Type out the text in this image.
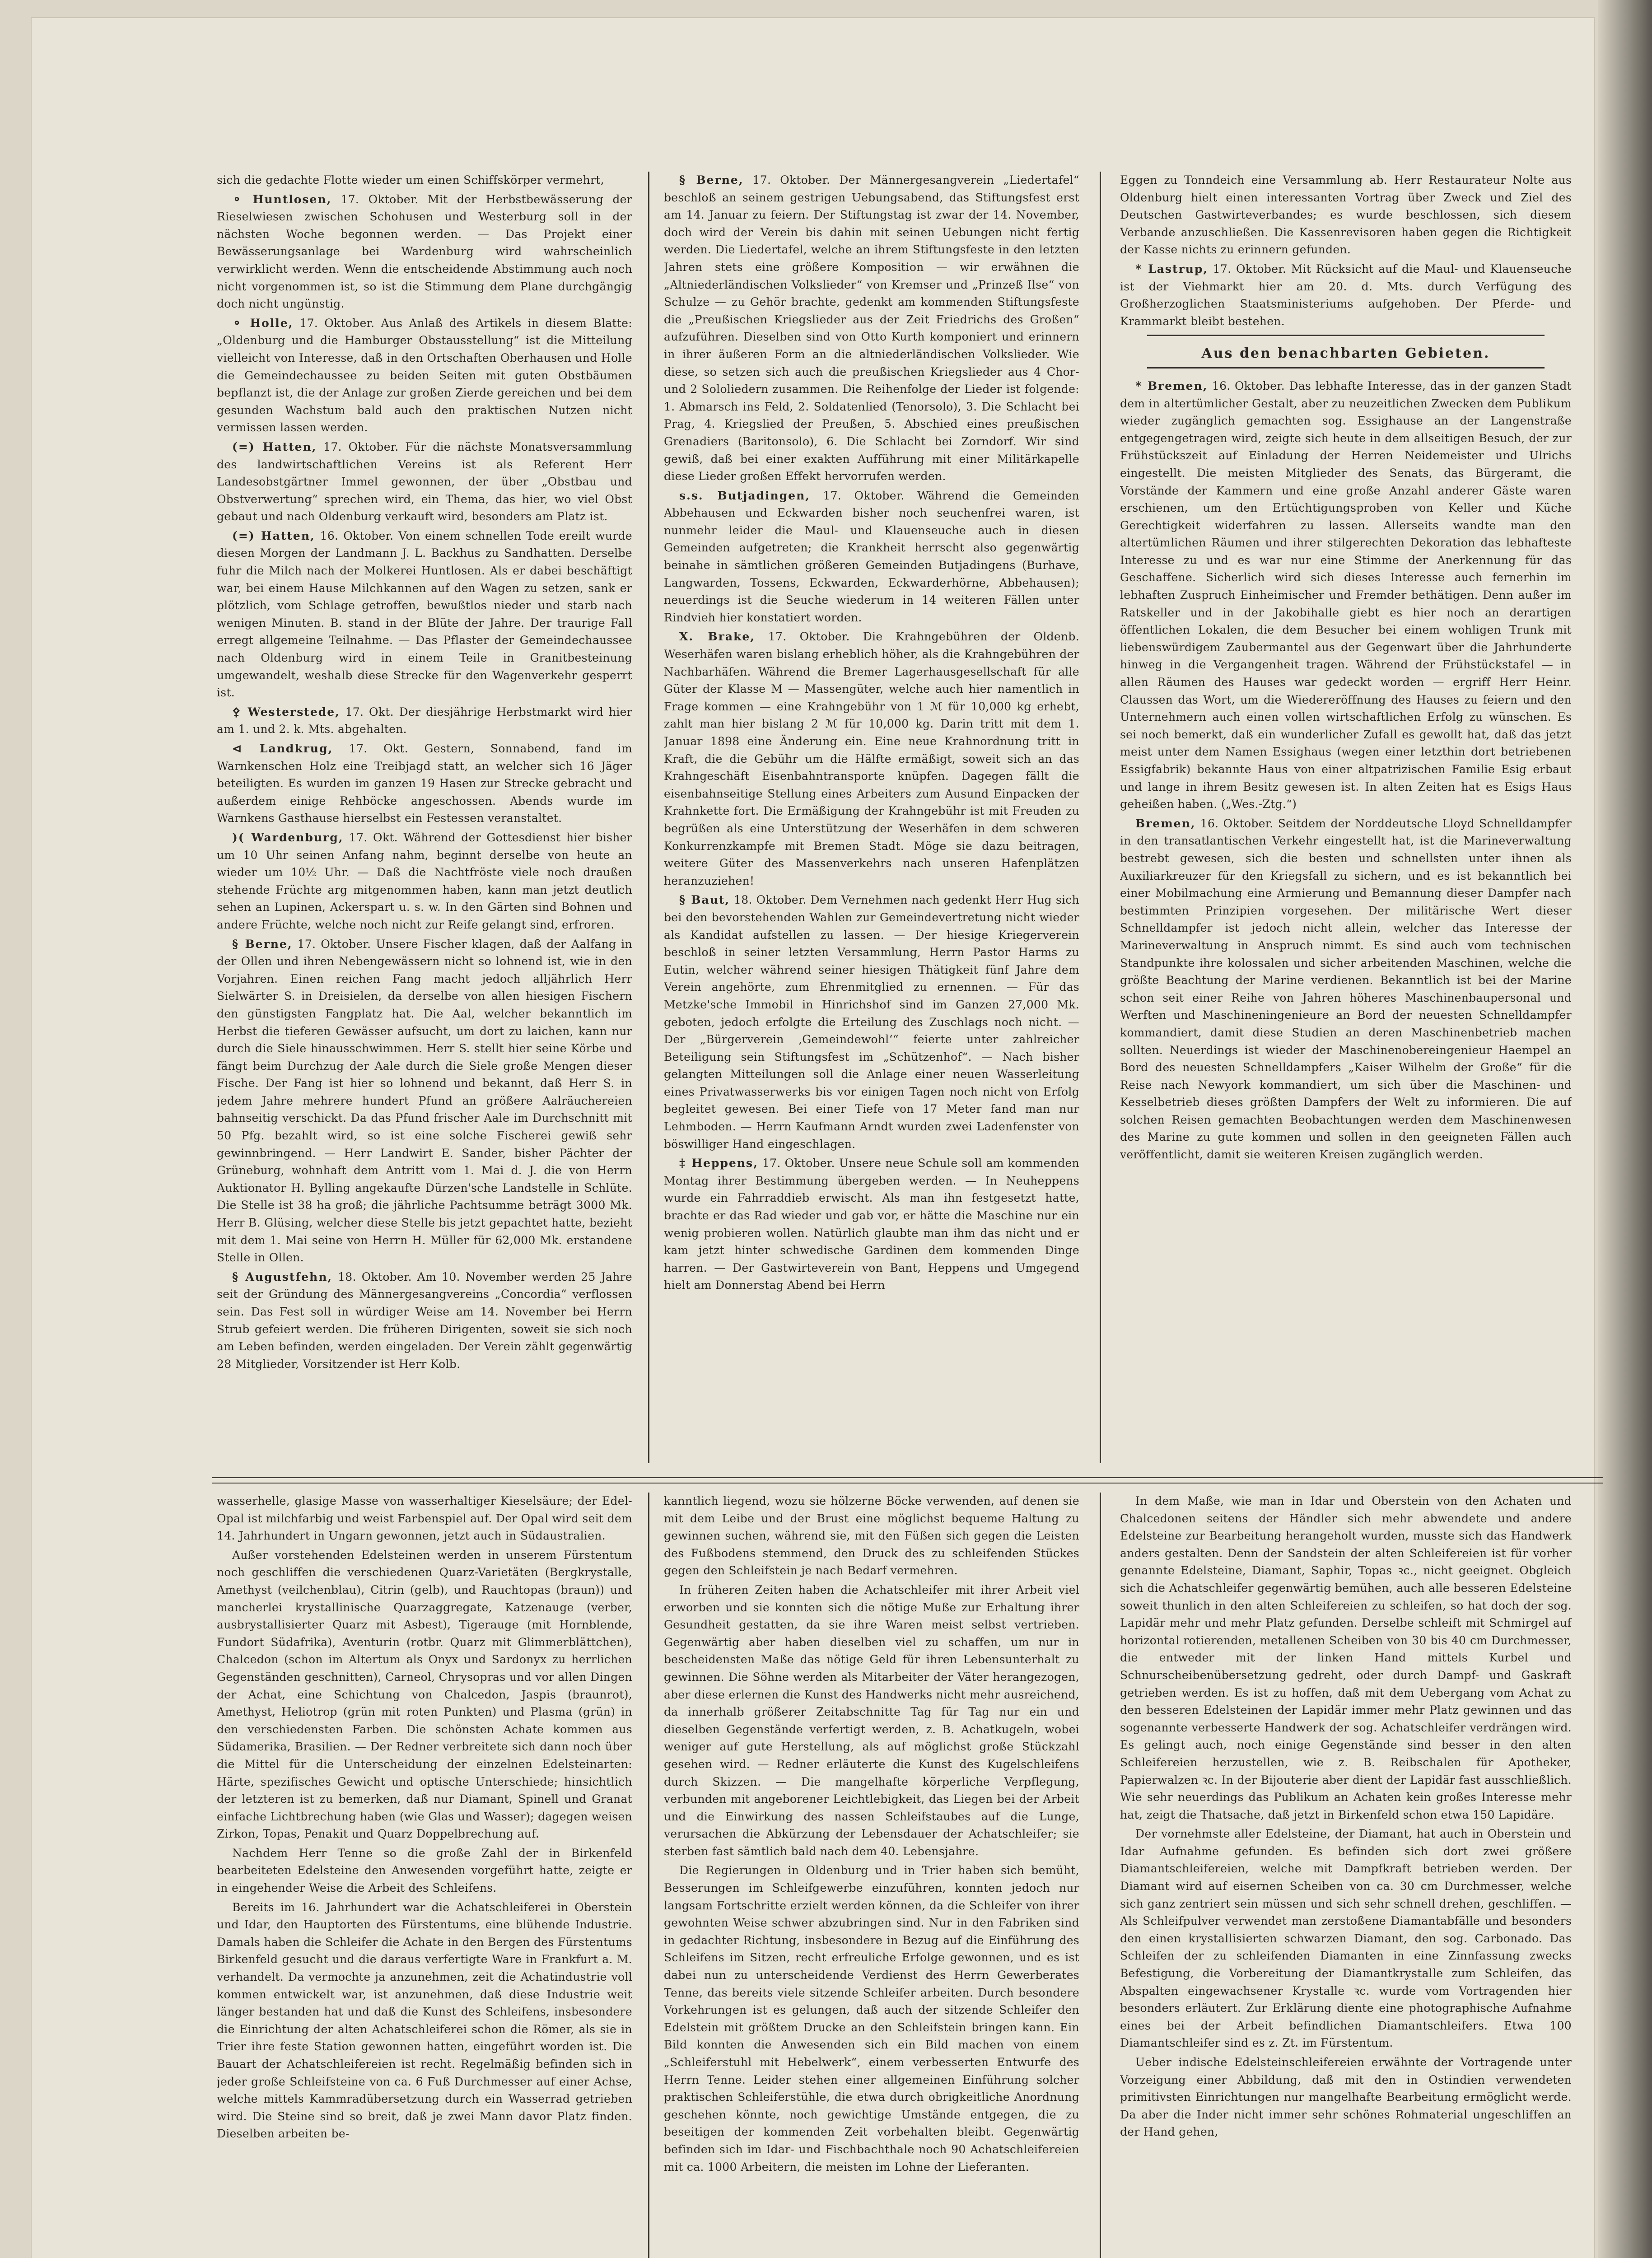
sich die gedachte Flotte wieder um einen Schiffskörper vermehrt,

⚬ Huntlosen, 17. Oktober. Mit der Herbstbewässerung der Rieselwiesen zwischen Schohusen und Westerburg soll in der nächsten Woche begonnen werden. — Das Projekt einer Bewässerungsanlage bei Wardenburg wird wahrscheinlich verwirklicht werden. Wenn die entscheidende Abstimmung auch noch nicht vorgenommen ist, so ist die Stimmung dem Plane durchgängig doch nicht ungünstig.

⚬ Holle, 17. Oktober. Aus Anlaß des Artikels in diesem Blatte: „Oldenburg und die Hamburger Obstausstellung“ ist die Mitteilung vielleicht von Interesse, daß in den Ortschaften Oberhausen und Holle die Gemeindechaussee zu beiden Seiten mit guten Obstbäumen bepflanzt ist, die der Anlage zur großen Zierde gereichen und bei dem gesunden Wachstum bald auch den praktischen Nutzen nicht vermissen lassen werden.

(=) Hatten, 17. Oktober. Für die nächste Monatsversammlung des landwirtschaftlichen Vereins ist als Referent Herr Landesobstgärtner Immel gewonnen, der über „Obstbau und Obstverwertung“ sprechen wird, ein Thema, das hier, wo viel Obst gebaut und nach Oldenburg verkauft wird, besonders am Platz ist.

(=) Hatten, 16. Oktober. Von einem schnellen Tode ereilt wurde diesen Morgen der Landmann J. L. Backhus zu Sandhatten. Derselbe fuhr die Milch nach der Molkerei Huntlosen. Als er dabei beschäftigt war, bei einem Hause Milchkannen auf den Wagen zu setzen, sank er plötzlich, vom Schlage getroffen, bewußtlos nieder und starb nach wenigen Minuten. B. stand in der Blüte der Jahre. Der traurige Fall erregt allgemeine Teilnahme. — Das Pflaster der Gemeindechaussee nach Oldenburg wird in einem Teile in Granitbesteinung umgewandelt, weshalb diese Strecke für den Wagenverkehr gesperrt ist.

⚴ Westerstede, 17. Okt. Der diesjährige Herbstmarkt wird hier am 1. und 2. k. Mts. abgehalten.

⊲ Landkrug, 17. Okt. Gestern, Sonnabend, fand im Warnkenschen Holz eine Treibjagd statt, an welcher sich 16 Jäger beteiligten. Es wurden im ganzen 19 Hasen zur Strecke gebracht und außerdem einige Rehböcke angeschossen. Abends wurde im Warnkens Gasthause hierselbst ein Festessen veranstaltet.

)( Wardenburg, 17. Okt. Während der Gottesdienst hier bisher um 10 Uhr seinen Anfang nahm, beginnt derselbe von heute an wieder um 10½ Uhr. — Daß die Nachtfröste viele noch draußen stehende Früchte arg mitgenommen haben, kann man jetzt deutlich sehen an Lupinen, Ackerspart u. s. w. In den Gärten sind Bohnen und andere Früchte, welche noch nicht zur Reife gelangt sind, erfroren.

§ Berne, 17. Oktober. Unsere Fischer klagen, daß der Aalfang in der Ollen und ihren Nebengewässern nicht so lohnend ist, wie in den Vorjahren. Einen reichen Fang macht jedoch alljährlich Herr Sielwärter S. in Dreisielen, da derselbe von allen hiesigen Fischern den günstigsten Fangplatz hat. Die Aal, welcher bekanntlich im Herbst die tieferen Gewässer aufsucht, um dort zu laichen, kann nur durch die Siele hinausschwimmen. Herr S. stellt hier seine Körbe und fängt beim Durchzug der Aale durch die Siele große Mengen dieser Fische. Der Fang ist hier so lohnend und bekannt, daß Herr S. in jedem Jahre mehrere hundert Pfund an größere Aalräuchereien bahnseitig verschickt. Da das Pfund frischer Aale im Durchschnitt mit 50 Pfg. bezahlt wird, so ist eine solche Fischerei gewiß sehr gewinnbringend. — Herr Landwirt E. Sander, bisher Pächter der Grüneburg, wohnhaft dem Antritt vom 1. Mai d. J. die von Herrn Auktionator H. Bylling angekaufte Dürzen'sche Landstelle in Schlüte. Die Stelle ist 38 ha groß; die jährliche Pachtsumme beträgt 3000 Mk. Herr B. Glüsing, welcher diese Stelle bis jetzt gepachtet hatte, bezieht mit dem 1. Mai seine von Herrn H. Müller für 62,000 Mk. erstandene Stelle in Ollen.

§ Augustfehn, 18. Oktober. Am 10. November werden 25 Jahre seit der Gründung des Männergesangvereins „Concordia“ verflossen sein. Das Fest soll in würdiger Weise am 14. November bei Herrn Strub gefeiert werden. Die früheren Dirigenten, soweit sie sich noch am Leben befinden, werden eingeladen. Der Verein zählt gegenwärtig 28 Mitglieder, Vorsitzender ist Herr Kolb.

§ Berne, 17. Oktober. Der Männergesangverein „Liedertafel“ beschloß an seinem gestrigen Uebungsabend, das Stiftungsfest erst am 14. Januar zu feiern. Der Stiftungstag ist zwar der 14. November, doch wird der Verein bis dahin mit seinen Uebungen nicht fertig werden. Die Liedertafel, welche an ihrem Stiftungsfeste in den letzten Jahren stets eine größere Komposition — wir erwähnen die „Altniederländischen Volkslieder“ von Kremser und „Prinzeß Ilse“ von Schulze — zu Gehör brachte, gedenkt am kommenden Stiftungsfeste die „Preußischen Kriegslieder aus der Zeit Friedrichs des Großen“ aufzuführen. Dieselben sind von Otto Kurth komponiert und erinnern in ihrer äußeren Form an die altniederländischen Volkslieder. Wie diese, so setzen sich auch die preußischen Kriegslieder aus 4 Chor- und 2 Sololiedern zusammen. Die Reihenfolge der Lieder ist folgende: 1. Abmarsch ins Feld, 2. Soldatenlied (Tenorsolo), 3. Die Schlacht bei Prag, 4. Kriegslied der Preußen, 5. Abschied eines preußischen Grenadiers (Baritonsolo), 6. Die Schlacht bei Zorndorf. Wir sind gewiß, daß bei einer exakten Aufführung mit einer Militärkapelle diese Lieder großen Effekt hervorrufen werden.

s.s. Butjadingen, 17. Oktober. Während die Gemeinden Abbehausen und Eckwarden bisher noch seuchenfrei waren, ist nunmehr leider die Maul- und Klauenseuche auch in diesen Gemeinden aufgetreten; die Krankheit herrscht also gegenwärtig beinahe in sämtlichen größeren Gemeinden Butjadingens (Burhave, Langwarden, Tossens, Eckwarden, Eckwarderhörne, Abbehausen); neuerdings ist die Seuche wiederum in 14 weiteren Fällen unter Rindvieh hier konstatiert worden.

X. Brake, 17. Oktober. Die Krahngebühren der Oldenb. Weserhäfen waren bislang erheblich höher, als die Krahngebühren der Nachbarhäfen. Während die Bremer Lagerhausgesellschaft für alle Güter der Klasse M — Massengüter, welche auch hier namentlich in Frage kommen — eine Krahngebühr von 1 ℳ für 10,000 kg erhebt, zahlt man hier bislang 2 ℳ für 10,000 kg. Darin tritt mit dem 1. Januar 1898 eine Änderung ein. Eine neue Krahnordnung tritt in Kraft, die die Gebühr um die Hälfte ermäßigt, soweit sich an das Krahngeschäft Eisenbahntransporte knüpfen. Dagegen fällt die eisenbahnseitige Stellung eines Arbeiters zum Ausund Einpacken der Krahnkette fort. Die Ermäßigung der Krahngebühr ist mit Freuden zu begrüßen als eine Unterstützung der Weserhäfen in dem schweren Konkurrenzkampfe mit Bremen Stadt. Möge sie dazu beitragen, weitere Güter des Massenverkehrs nach unseren Hafenplätzen heranzuziehen!

§ Baut, 18. Oktober. Dem Vernehmen nach gedenkt Herr Hug sich bei den bevorstehenden Wahlen zur Gemeindevertretung nicht wieder als Kandidat aufstellen zu lassen. — Der hiesige Kriegerverein beschloß in seiner letzten Versammlung, Herrn Pastor Harms zu Eutin, welcher während seiner hiesigen Thätigkeit fünf Jahre dem Verein angehörte, zum Ehrenmitglied zu ernennen. — Für das Metzke'sche Immobil in Hinrichshof sind im Ganzen 27,000 Mk. geboten, jedoch erfolgte die Erteilung des Zuschlags noch nicht. — Der „Bürgerverein ‚Gemeindewohl‘“ feierte unter zahlreicher Beteiligung sein Stiftungsfest im „Schützenhof“. — Nach bisher gelangten Mitteilungen soll die Anlage einer neuen Wasserleitung eines Privatwasserwerks bis vor einigen Tagen noch nicht von Erfolg begleitet gewesen. Bei einer Tiefe von 17 Meter fand man nur Lehmboden. — Herrn Kaufmann Arndt wurden zwei Ladenfenster von böswilliger Hand eingeschlagen.

‡ Heppens, 17. Oktober. Unsere neue Schule soll am kommenden Montag ihrer Bestimmung übergeben werden. — In Neuheppens wurde ein Fahrraddieb erwischt. Als man ihn festgesetzt hatte, brachte er das Rad wieder und gab vor, er hätte die Maschine nur ein wenig probieren wollen. Natürlich glaubte man ihm das nicht und er kam jetzt hinter schwedische Gardinen dem kommenden Dinge harren. — Der Gastwirteverein von Bant, Heppens und Umgegend hielt am Donnerstag Abend bei Herrn

Eggen zu Tonndeich eine Versammlung ab. Herr Restaurateur Nolte aus Oldenburg hielt einen interessanten Vortrag über Zweck und Ziel des Deutschen Gastwirteverbandes; es wurde beschlossen, sich diesem Verbande anzuschließen. Die Kassenrevisoren haben gegen die Richtigkeit der Kasse nichts zu erinnern gefunden.

* Lastrup, 17. Oktober. Mit Rücksicht auf die Maul- und Klauenseuche ist der Viehmarkt hier am 20. d. Mts. durch Verfügung des Großherzoglichen Staatsministeriums aufgehoben. Der Pferde- und Krammarkt bleibt bestehen.

Aus den benachbarten Gebieten.

* Bremen, 16. Oktober. Das lebhafte Interesse, das in der ganzen Stadt dem in altertümlicher Gestalt, aber zu neuzeitlichen Zwecken dem Publikum wieder zugänglich gemachten sog. Essighause an der Langenstraße entgegengetragen wird, zeigte sich heute in dem allseitigen Besuch, der zur Frühstückszeit auf Einladung der Herren Neidemeister und Ulrichs eingestellt. Die meisten Mitglieder des Senats, das Bürgeramt, die Vorstände der Kammern und eine große Anzahl anderer Gäste waren erschienen, um den Ertüchtigungsproben von Keller und Küche Gerechtigkeit widerfahren zu lassen. Allerseits wandte man den altertümlichen Räumen und ihrer stilgerechten Dekoration das lebhafteste Interesse zu und es war nur eine Stimme der Anerkennung für das Geschaffene. Sicherlich wird sich dieses Interesse auch fernerhin im lebhaften Zuspruch Einheimischer und Fremder bethätigen. Denn außer im Ratskeller und in der Jakobihalle giebt es hier noch an derartigen öffentlichen Lokalen, die dem Besucher bei einem wohligen Trunk mit liebenswürdigem Zaubermantel aus der Gegenwart über die Jahrhunderte hinweg in die Vergangenheit tragen. Während der Frühstückstafel — in allen Räumen des Hauses war gedeckt worden — ergriff Herr Heinr. Claussen das Wort, um die Wiedereröffnung des Hauses zu feiern und den Unternehmern auch einen vollen wirtschaftlichen Erfolg zu wünschen. Es sei noch bemerkt, daß ein wunderlicher Zufall es gewollt hat, daß das jetzt meist unter dem Namen Essighaus (wegen einer letzthin dort betriebenen Essigfabrik) bekannte Haus von einer altpatrizischen Familie Esig erbaut und lange in ihrem Besitz gewesen ist. In alten Zeiten hat es Esigs Haus geheißen haben. („Wes.-Ztg.“)

Bremen, 16. Oktober. Seitdem der Norddeutsche Lloyd Schnelldampfer in den transatlantischen Verkehr eingestellt hat, ist die Marineverwaltung bestrebt gewesen, sich die besten und schnellsten unter ihnen als Auxiliarkreuzer für den Kriegsfall zu sichern, und es ist bekanntlich bei einer Mobilmachung eine Armierung und Bemannung dieser Dampfer nach bestimmten Prinzipien vorgesehen. Der militärische Wert dieser Schnelldampfer ist jedoch nicht allein, welcher das Interesse der Marineverwaltung in Anspruch nimmt. Es sind auch vom technischen Standpunkte ihre kolossalen und sicher arbeitenden Maschinen, welche die größte Beachtung der Marine verdienen. Bekanntlich ist bei der Marine schon seit einer Reihe von Jahren höheres Maschinenbaupersonal und Werften und Maschineningenieure an Bord der neuesten Schnelldampfer kommandiert, damit diese Studien an deren Maschinenbetrieb machen sollten. Neuerdings ist wieder der Maschinenobereingenieur Haempel an Bord des neuesten Schnelldampfers „Kaiser Wilhelm der Große“ für die Reise nach Newyork kommandiert, um sich über die Maschinen- und Kesselbetrieb dieses größten Dampfers der Welt zu informieren. Die auf solchen Reisen gemachten Beobachtungen werden dem Maschinenwesen des Marine zu gute kommen und sollen in den geeigneten Fällen auch veröffentlicht, damit sie weiteren Kreisen zugänglich werden.

wasserhelle, glasige Masse von wasserhaltiger Kieselsäure; der Edel-Opal ist milchfarbig und weist Farbenspiel auf. Der Opal wird seit dem 14. Jahrhundert in Ungarn gewonnen, jetzt auch in Südaustralien.

Außer vorstehenden Edelsteinen werden in unserem Fürstentum noch geschliffen die verschiedenen Quarz-Varietäten (Bergkrystalle, Amethyst (veilchenblau), Citrin (gelb), und Rauchtopas (braun)) und mancherlei krystallinische Quarzaggregate, Katzenauge (verber, ausbrystallisierter Quarz mit Asbest), Tigerauge (mit Hornblende, Fundort Südafrika), Aventurin (rotbr. Quarz mit Glimmerblättchen), Chalcedon (schon im Altertum als Onyx und Sardonyx zu herrlichen Gegenständen geschnitten), Carneol, Chrysopras und vor allen Dingen der Achat, eine Schichtung von Chalcedon, Jaspis (braunrot), Amethyst, Heliotrop (grün mit roten Punkten) und Plasma (grün) in den verschiedensten Farben. Die schönsten Achate kommen aus Südamerika, Brasilien. — Der Redner verbreitete sich dann noch über die Mittel für die Unterscheidung der einzelnen Edelsteinarten: Härte, spezifisches Gewicht und optische Unterschiede; hinsichtlich der letzteren ist zu bemerken, daß nur Diamant, Spinell und Granat einfache Lichtbrechung haben (wie Glas und Wasser); dagegen weisen Zirkon, Topas, Penakit und Quarz Doppelbrechung auf.

Nachdem Herr Tenne so die große Zahl der in Birkenfeld bearbeiteten Edelsteine den Anwesenden vorgeführt hatte, zeigte er in eingehender Weise die Arbeit des Schleifens.

Bereits im 16. Jahrhundert war die Achatschleiferei in Oberstein und Idar, den Hauptorten des Fürstentums, eine blühende Industrie. Damals haben die Schleifer die Achate in den Bergen des Fürstentums Birkenfeld gesucht und die daraus verfertigte Ware in Frankfurt a. M. verhandelt. Da vermochte ja anzunehmen, zeit die Achatindustrie voll kommen entwickelt war, ist anzunehmen, daß diese Industrie weit länger bestanden hat und daß die Kunst des Schleifens, insbesondere die Einrichtung der alten Achatschleiferei schon die Römer, als sie in Trier ihre feste Station gewonnen hatten, eingeführt worden ist. Die Bauart der Achatschleifereien ist recht. Regelmäßig befinden sich in jeder große Schleifsteine von ca. 6 Fuß Durchmesser auf einer Achse, welche mittels Kammradübersetzung durch ein Wasserrad getrieben wird. Die Steine sind so breit, daß je zwei Mann davor Platz finden. Dieselben arbeiten be-

kanntlich liegend, wozu sie hölzerne Böcke verwenden, auf denen sie mit dem Leibe und der Brust eine möglichst bequeme Haltung zu gewinnen suchen, während sie, mit den Füßen sich gegen die Leisten des Fußbodens stemmend, den Druck des zu schleifenden Stückes gegen den Schleifstein je nach Bedarf vermehren.

In früheren Zeiten haben die Achatschleifer mit ihrer Arbeit viel erworben und sie konnten sich die nötige Muße zur Erhaltung ihrer Gesundheit gestatten, da sie ihre Waren meist selbst vertrieben. Gegenwärtig aber haben dieselben viel zu schaffen, um nur in bescheidensten Maße das nötige Geld für ihren Lebensunterhalt zu gewinnen. Die Söhne werden als Mitarbeiter der Väter herangezogen, aber diese erlernen die Kunst des Handwerks nicht mehr ausreichend, da innerhalb größerer Zeitabschnitte Tag für Tag nur ein und dieselben Gegenstände verfertigt werden, z. B. Achatkugeln, wobei weniger auf gute Herstellung, als auf möglichst große Stückzahl gesehen wird. — Redner erläuterte die Kunst des Kugelschleifens durch Skizzen. — Die mangelhafte körperliche Verpflegung, verbunden mit angeborener Leichtlebigkeit, das Liegen bei der Arbeit und die Einwirkung des nassen Schleifstaubes auf die Lunge, verursachen die Abkürzung der Lebensdauer der Achatschleifer; sie sterben fast sämtlich bald nach dem 40. Lebensjahre.

Die Regierungen in Oldenburg und in Trier haben sich bemüht, Besserungen im Schleifgewerbe einzuführen, konnten jedoch nur langsam Fortschritte erzielt werden können, da die Schleifer von ihrer gewohnten Weise schwer abzubringen sind. Nur in den Fabriken sind in gedachter Richtung, insbesondere in Bezug auf die Einführung des Schleifens im Sitzen, recht erfreuliche Erfolge gewonnen, und es ist dabei nun zu unterscheidende Verdienst des Herrn Gewerberates Tenne, das bereits viele sitzende Schleifer arbeiten. Durch besondere Vorkehrungen ist es gelungen, daß auch der sitzende Schleifer den Edelstein mit größtem Drucke an den Schleifstein bringen kann. Ein Bild konnten die Anwesenden sich ein Bild machen von einem „Schleiferstuhl mit Hebelwerk“, einem verbesserten Entwurfe des Herrn Tenne. Leider stehen einer allgemeinen Einführung solcher praktischen Schleiferstühle, die etwa durch obrigkeitliche Anordnung geschehen könnte, noch gewichtige Umstände entgegen, die zu beseitigen der kommenden Zeit vorbehalten bleibt. Gegenwärtig befinden sich im Idar- und Fischbachthale noch 90 Achatschleifereien mit ca. 1000 Arbeitern, die meisten im Lohne der Lieferanten.

In dem Maße, wie man in Idar und Oberstein von den Achaten und Chalcedonen seitens der Händler sich mehr abwendete und andere Edelsteine zur Bearbeitung herangeholt wurden, musste sich das Handwerk anders gestalten. Denn der Sandstein der alten Schleifereien ist für vorher genannte Edelsteine, Diamant, Saphir, Topas ꝛc., nicht geeignet. Obgleich sich die Achatschleifer gegenwärtig bemühen, auch alle besseren Edelsteine soweit thunlich in den alten Schleifereien zu schleifen, so hat doch der sog. Lapidär mehr und mehr Platz gefunden. Derselbe schleift mit Schmirgel auf horizontal rotierenden, metallenen Scheiben von 30 bis 40 cm Durchmesser, die entweder mit der linken Hand mittels Kurbel und Schnurscheibenübersetzung gedreht, oder durch Dampf- und Gaskraft getrieben werden. Es ist zu hoffen, daß mit dem Uebergang vom Achat zu den besseren Edelsteinen der Lapidär immer mehr Platz gewinnen und das sogenannte verbesserte Handwerk der sog. Achatschleifer verdrängen wird. Es gelingt auch, noch einige Gegenstände sind besser in den alten Schleifereien herzustellen, wie z. B. Reibschalen für Apotheker, Papierwalzen ꝛc. In der Bijouterie aber dient der Lapidär fast ausschließlich. Wie sehr neuerdings das Publikum an Achaten kein großes Interesse mehr hat, zeigt die Thatsache, daß jetzt in Birkenfeld schon etwa 150 Lapidäre.

Der vornehmste aller Edelsteine, der Diamant, hat auch in Oberstein und Idar Aufnahme gefunden. Es befinden sich dort zwei größere Diamantschleifereien, welche mit Dampfkraft betrieben werden. Der Diamant wird auf eisernen Scheiben von ca. 30 cm Durchmesser, welche sich ganz zentriert sein müssen und sich sehr schnell drehen, geschliffen. — Als Schleifpulver verwendet man zerstoßene Diamantabfälle und besonders den einen krystallisierten schwarzen Diamant, den sog. Carbonado. Das Schleifen der zu schleifenden Diamanten in eine Zinnfassung zwecks Befestigung, die Vorbereitung der Diamantkrystalle zum Schleifen, das Abspalten eingewachsener Krystalle ꝛc. wurde vom Vortragenden hier besonders erläutert. Zur Erklärung diente eine photographische Aufnahme eines bei der Arbeit befindlichen Diamantschleifers. Etwa 100 Diamantschleifer sind es z. Zt. im Fürstentum.

Ueber indische Edelsteinschleifereien erwähnte der Vortragende unter Vorzeigung einer Abbildung, daß mit den in Ostindien verwendeten primitivsten Einrichtungen nur mangelhafte Bearbeitung ermöglicht werde. Da aber die Inder nicht immer sehr schönes Rohmaterial ungeschliffen an der Hand gehen,
